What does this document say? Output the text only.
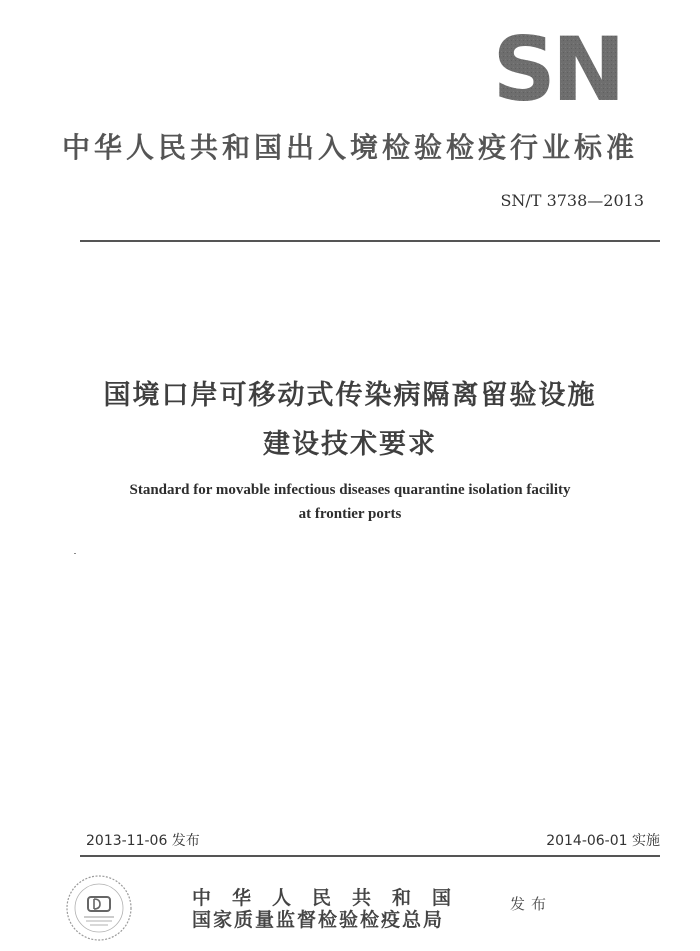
SN
中华人民共和国出入境检验检疫行业标准
SN/T 3738—2013
国境口岸可移动式传染病隔离留验设施
建设技术要求
Standard for movable infectious diseases quarantine isolation facility
at frontier ports
2013-11-06 发布	2014-06-01 实施
中华人民共和国
国家质量监督检验检疫总局
发布
